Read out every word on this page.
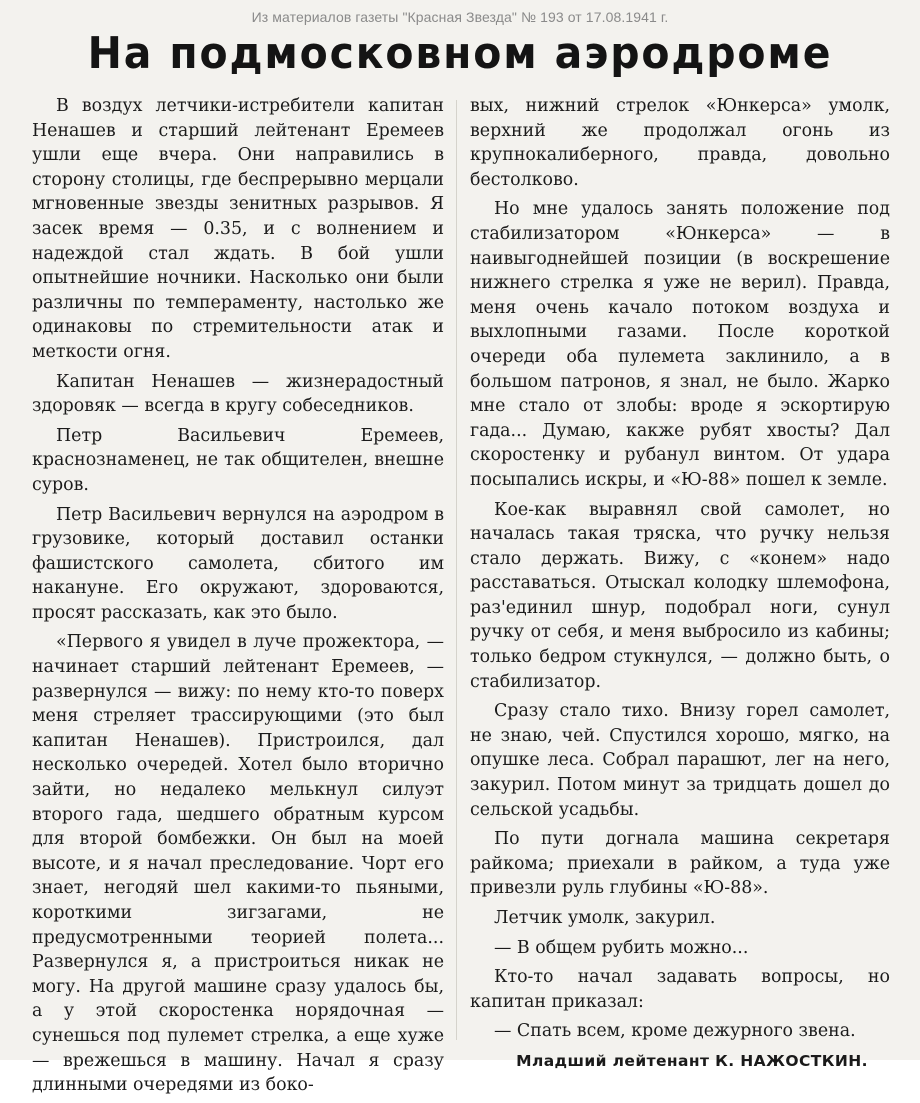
Из материалов газеты "Красная Звезда" № 193 от 17.08.1941 г.
На подмосковном аэродроме

В воздух летчики-истребители капитан Ненашев и старший лейтенант Еремеев ушли еще вчера. Они направились в сторону столицы, где беспрерывно мерцали мгновенные звезды зенитных разрывов. Я засек время — 0.35, и с волнением и надеждой стал ждать. В бой ушли опытнейшие ночники. Насколько они были различны по темпераменту, настолько же одинаковы по стремительности атак и меткости огня.

Капитан Ненашев — жизнерадостный здоровяк — всегда в кругу собеседников.

Петр Васильевич Еремеев, краснознаменец, не так общителен, внешне суров.

Петр Васильевич вернулся на аэродром в грузовике, который доставил останки фашистского самолета, сбитого им накануне. Его окружают, здороваются, просят рассказать, как это было.

«Первого я увидел в луче прожектора, — начинает старший лейтенант Еремеев, — развернулся — вижу: по нему кто-то поверх меня стреляет трассирующими (это был капитан Ненашев). Пристроился, дал несколько очередей. Хотел было вторично зайти, но недалеко мелькнул силуэт второго гада, шедшего обратным курсом для второй бомбежки. Он был на моей высоте, и я начал преследование. Чорт его знает, негодяй шел какими-то пьяными, короткими зигзагами, не предусмотренными теорией полета... Развернулся я, а пристроиться никак не могу. На другой машине сразу удалось бы, а у этой скоростенка норядочная — сунешься под пулемет стрелка, а еще хуже — врежешься в машину. Начал я сразу длинными очередями из боко-

вых, нижний стрелок «Юнкерса» умолк, верхний же продолжал огонь из крупнокалиберного, правда, довольно бестолково.

Но мне удалось занять положение под стабилизатором «Юнкерса» — в наивыгоднейшей позиции (в воскрешение нижнего стрелка я уже не верил). Правда, меня очень качало потоком воздуха и выхлопными газами. После короткой очереди оба пулемета заклинило, а в большом патронов, я знал, не было. Жарко мне стало от злобы: вроде я эскортирую гада... Думаю, какже рубят хвосты? Дал скоростенку и рубанул винтом. От удара посыпались искры, и «Ю-88» пошел к земле.

Кое-как выравнял свой самолет, но началась такая тряска, что ручку нельзя стало держать. Вижу, с «конем» надо расставаться. Отыскал колодку шлемофона, раз'единил шнур, подобрал ноги, сунул ручку от себя, и меня выбросило из кабины; только бедром стукнулся, — должно быть, о стабилизатор.

Сразу стало тихо. Внизу горел самолет, не знаю, чей. Спустился хорошо, мягко, на опушке леса. Собрал парашют, лег на него, закурил. Потом минут за тридцать дошел до сельской усадьбы.

По пути догнала машина секретаря райкома; приехали в райком, а туда уже привезли руль глубины «Ю-88».

Летчик умолк, закурил.

— В общем рубить можно...

Кто-то начал задавать вопросы, но капитан приказал:

— Спать всем, кроме дежурного звена.

Младший лейтенант К. НАЖОСТКИН.
